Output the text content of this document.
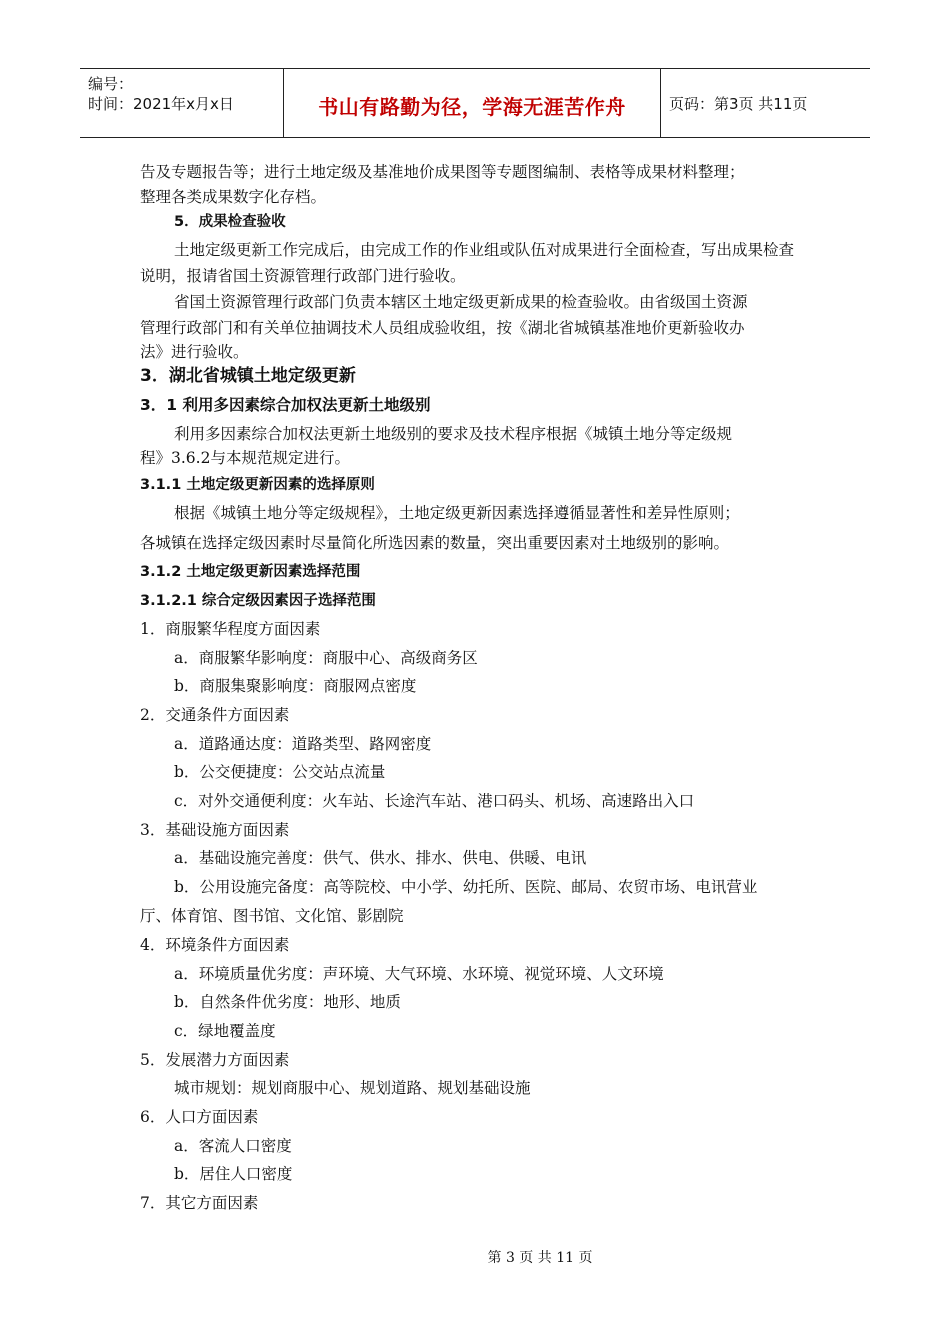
编号：
时间：2021年x月x日	书山有路勤为径，学海无涯苦作舟	页码：第3页 共11页
告及专题报告等；进行土地定级及基准地价成果图等专题图编制、表格等成果材料整理；
整理各类成果数字化存档。
5．成果检查验收
土地定级更新工作完成后，由完成工作的作业组或队伍对成果进行全面检查，写出成果检查
说明，报请省国土资源管理行政部门进行验收。
省国土资源管理行政部门负责本辖区土地定级更新成果的检查验收。由省级国土资源
管理行政部门和有关单位抽调技术人员组成验收组，按《湖北省城镇基准地价更新验收办
法》进行验收。
3．湖北省城镇土地定级更新
3．1 利用多因素综合加权法更新土地级别
利用多因素综合加权法更新土地级别的要求及技术程序根据《城镇土地分等定级规
程》3.6.2与本规范规定进行。
3.1.1 土地定级更新因素的选择原则
根据《城镇土地分等定级规程》，土地定级更新因素选择遵循显著性和差异性原则；
各城镇在选择定级因素时尽量简化所选因素的数量，突出重要因素对土地级别的影响。
3.1.2 土地定级更新因素选择范围
3.1.2.1 综合定级因素因子选择范围
1．商服繁华程度方面因素
a．商服繁华影响度：商服中心、高级商务区
b．商服集聚影响度：商服网点密度
2．交通条件方面因素
a．道路通达度：道路类型、路网密度
b．公交便捷度：公交站点流量
c．对外交通便利度：火车站、长途汽车站、港口码头、机场、高速路出入口
3．基础设施方面因素
a．基础设施完善度：供气、供水、排水、供电、供暖、电讯
b．公用设施完备度：高等院校、中小学、幼托所、医院、邮局、农贸市场、电讯营业
厅、体育馆、图书馆、文化馆、影剧院
4．环境条件方面因素
a．环境质量优劣度：声环境、大气环境、水环境、视觉环境、人文环境
b．自然条件优劣度：地形、地质
c．绿地覆盖度
5．发展潜力方面因素
城市规划：规划商服中心、规划道路、规划基础设施
6．人口方面因素
a．客流人口密度
b．居住人口密度
7．其它方面因素
第 3 页 共 11 页
